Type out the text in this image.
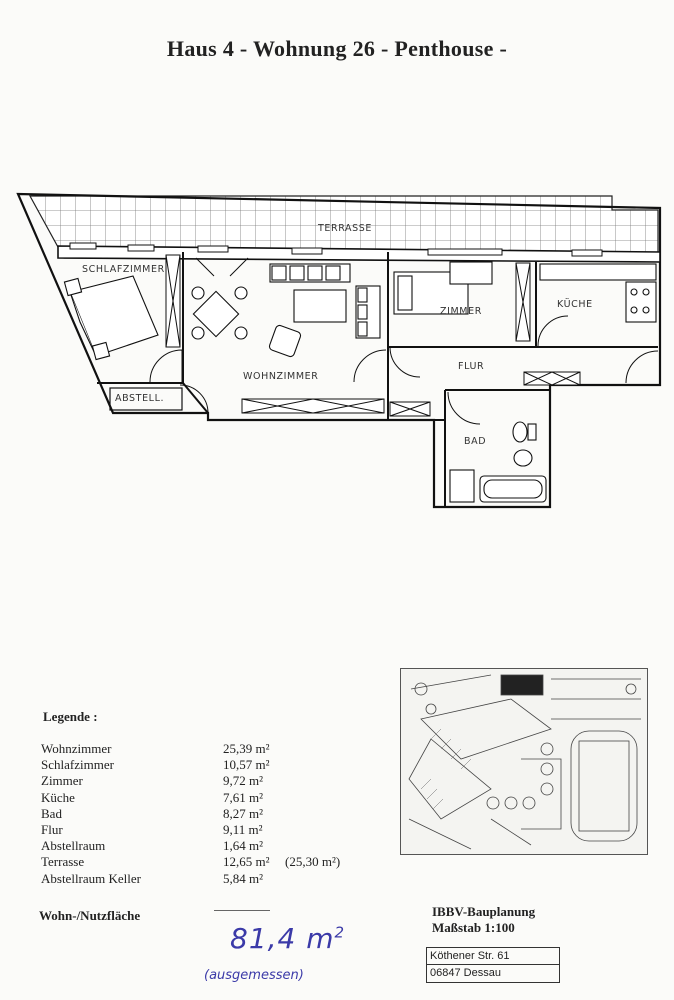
Haus 4 - Wohnung 26 - Penthouse -
TERRASSE
SCHLAFZIMMER
WOHNZIMMER
ZIMMER
KÜCHE
FLUR
BAD
ABSTELL.
Legende :
Wohnzimmer	25,39 m²
Schlafzimmer	10,57 m²
Zimmer	9,72 m²
Küche	7,61 m²
Bad	8,27 m²
Flur	9,11 m²
Abstellraum	1,64 m²
Terrasse	12,65 m² (25,30 m²)
Abstellraum Keller	5,84 m²
Wohn-/Nutzfläche
81,4 $m^2$
(ausgemessen)
IBBV-Bauplanung
Maßstab 1:100
Köthener Str. 61
06847 Dessau
